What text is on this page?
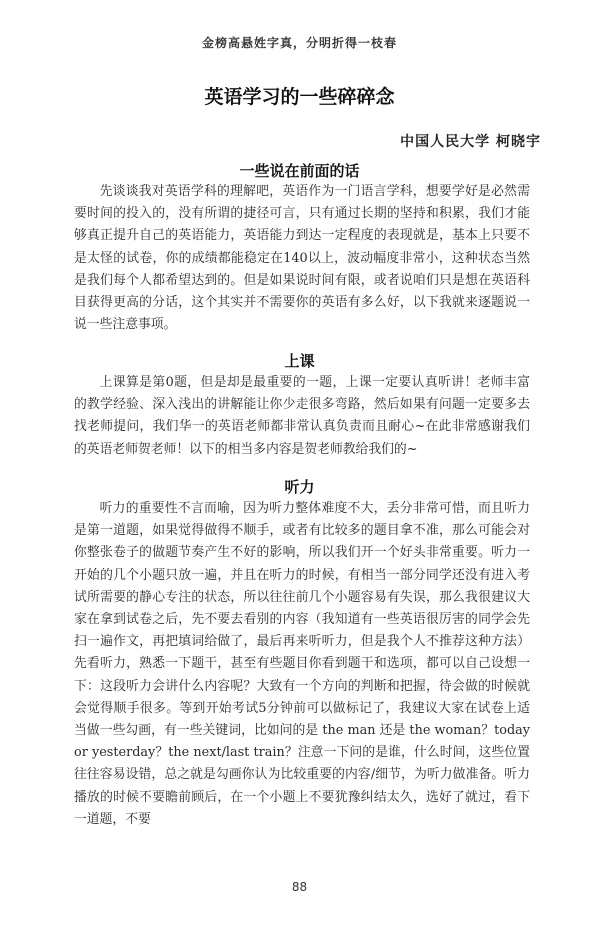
金榜高悬姓字真，分明折得一枝春
英语学习的一些碎碎念
中国人民大学 柯晓宇
一些说在前面的话

先谈谈我对英语学科的理解吧，英语作为一门语言学科，想要学好是必然需要时间的投入的，没有所谓的捷径可言，只有通过长期的坚持和积累，我们才能够真正提升自己的英语能力，英语能力到达一定程度的表现就是，基本上只要不是太怪的试卷，你的成绩都能稳定在140以上，波动幅度非常小，这种状态当然是我们每个人都希望达到的。但是如果说时间有限，或者说咱们只是想在英语科目获得更高的分话，这个其实并不需要你的英语有多么好，以下我就来逐题说一说一些注意事项。

上课

上课算是第0题，但是却是最重要的一题，上课一定要认真听讲！老师丰富的教学经验、深入浅出的讲解能让你少走很多弯路，然后如果有问题一定要多去找老师提问，我们华一的英语老师都非常认真负责而且耐心~在此非常感谢我们的英语老师贺老师！以下的相当多内容是贺老师教给我们的~

听力

听力的重要性不言而喻，因为听力整体难度不大，丢分非常可惜，而且听力是第一道题，如果觉得做得不顺手，或者有比较多的题目拿不准，那么可能会对你整张卷子的做题节奏产生不好的影响，所以我们开一个好头非常重要。听力一开始的几个小题只放一遍，并且在听力的时候，有相当一部分同学还没有进入考试所需要的静心专注的状态，所以往往前几个小题容易有失误，那么我很建议大家在拿到试卷之后，先不要去看别的内容（我知道有一些英语很厉害的同学会先扫一遍作文，再把填词给做了，最后再来听听力，但是我个人不推荐这种方法）先看听力，熟悉一下题干，甚至有些题目你看到题干和选项，都可以自己设想一下：这段听力会讲什么内容呢？大致有一个方向的判断和把握，待会做的时候就会觉得顺手很多。等到开始考试5分钟前可以做标记了，我建议大家在试卷上适当做一些勾画，有一些关键词，比如问的是 the man 还是 the woman？today or yesterday？the next/last train？注意一下问的是谁，什么时间，这些位置往往容易设错，总之就是勾画你认为比较重要的内容/细节，为听力做准备。听力播放的时候不要瞻前顾后，在一个小题上不要犹豫纠结太久，选好了就过，看下一道题，不要

88
